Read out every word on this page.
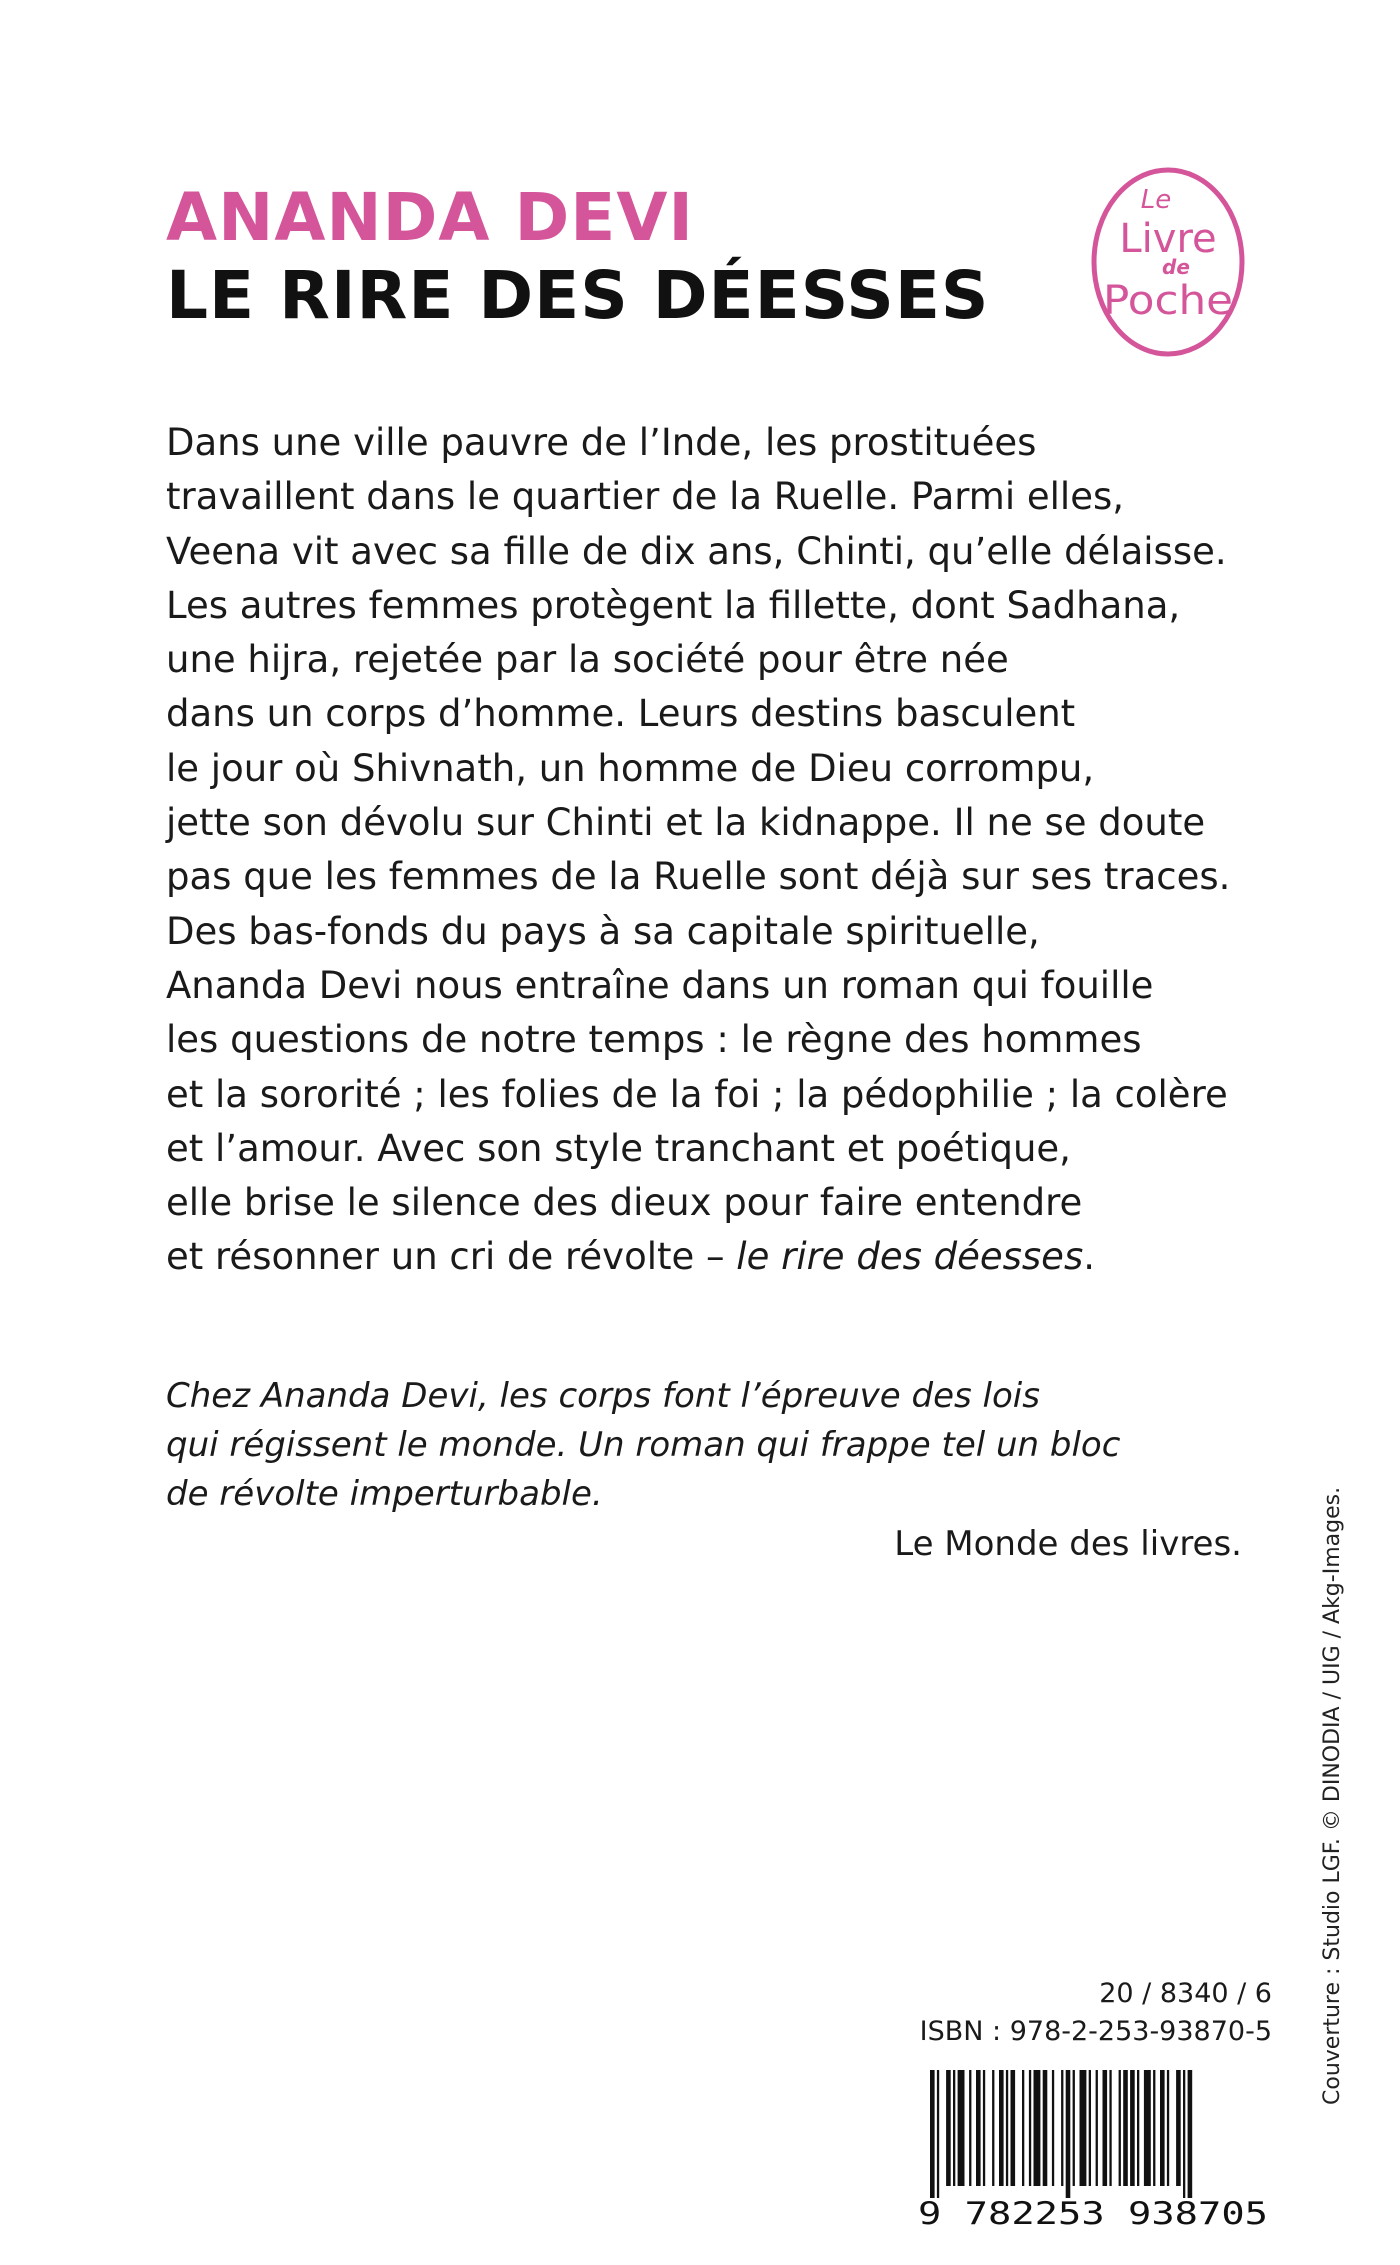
ANANDA DEVI
LE RIRE DES DÉESSES
Le
Livre
de
Poche
Dans une ville pauvre de l’Inde, les prostituées
travaillent dans le quartier de la Ruelle. Parmi elles,
Veena vit avec sa fille de dix ans, Chinti, qu’elle délaisse.
Les autres femmes protègent la fillette, dont Sadhana,
une hijra, rejetée par la société pour être née
dans un corps d’homme. Leurs destins basculent
le jour où Shivnath, un homme de Dieu corrompu,
jette son dévolu sur Chinti et la kidnappe. Il ne se doute
pas que les femmes de la Ruelle sont déjà sur ses traces.
Des bas-fonds du pays à sa capitale spirituelle,
Ananda Devi nous entraîne dans un roman qui fouille
les questions de notre temps : le règne des hommes
et la sororité ; les folies de la foi ; la pédophilie ; la colère
et l’amour. Avec son style tranchant et poétique,
elle brise le silence des dieux pour faire entendre
et résonner un cri de révolte – le rire des déesses.
Chez Ananda Devi, les corps font l’épreuve des lois
qui régissent le monde. Un roman qui frappe tel un bloc
de révolte imperturbable.

Le Monde des livres.

20 / 8340 / 6
ISBN : 978-2-253-93870-5
9 782253 938705
Couverture : Studio LGF. © DINODIA / UIG / Akg-Images.
